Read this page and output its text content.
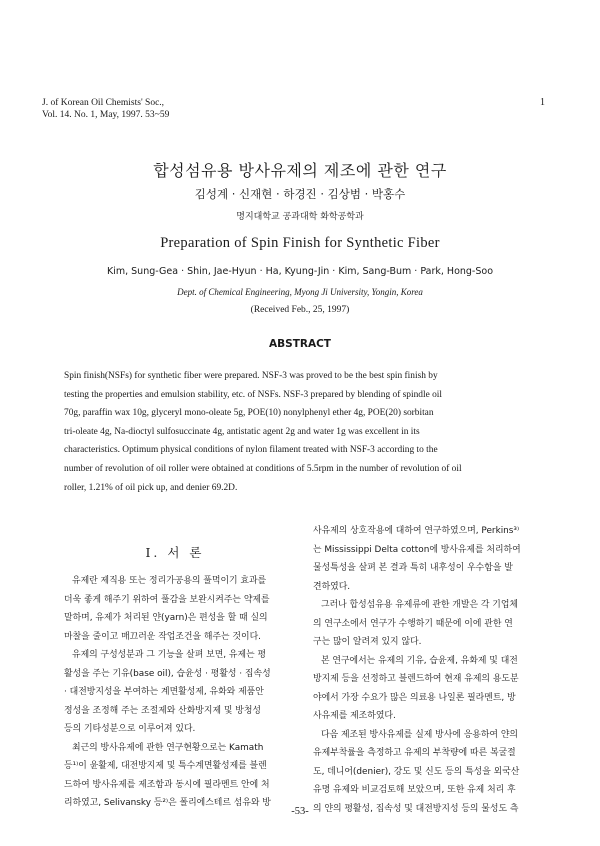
J. of Korean Oil Chemists' Soc.,
Vol. 14. No. 1, May, 1997. 53~59
1
합성섬유용 방사유제의 제조에 관한 연구
김성계 · 신재현 · 하경진 · 김상범 · 박홍수
명지대학교 공과대학 화학공학과
Preparation of Spin Finish for Synthetic Fiber
Kim, Sung-Gea · Shin, Jae-Hyun · Ha, Kyung-Jin · Kim, Sang-Bum · Park, Hong-Soo
Dept. of Chemical Engineering, Myong Ji University, Yongin, Korea
(Received Feb., 25, 1997)
ABSTRACT
Spin finish(NSFs) for synthetic fiber were prepared. NSF-3 was proved to be the best spin finish by
testing the properties and emulsion stability, etc. of NSFs. NSF-3 prepared by blending of spindle oil
70g, paraffin wax 10g, glyceryl mono-oleate 5g, POE(10) nonylphenyl ether 4g, POE(20) sorbitan
tri-oleate 4g, Na-dioctyl sulfosuccinate 4g, antistatic agent 2g and water 1g was excellent in its
characteristics. Optimum physical conditions of nylon filament treated with NSF-3 according to the
number of revolution of oil roller were obtained at conditions of 5.5rpm in the number of revolution of oil
roller, 1.21% of oil pick up, and denier 69.2D.
I. 서 론
유제란 제직용 또는 정리가공용의 풀먹이기 효과를
더욱 좋게 해주기 위하여 풀감을 보완시켜주는 약제를
말하며, 유제가 처리된 얀(yarn)은 편성을 할 때 실의
마찰을 줄이고 매끄러운 작업조건을 해주는 것이다.
유제의 구성성분과 그 기능을 살펴 보면, 유제는 평
활성을 주는 기유(base oil), 습윤성 · 평활성 · 집속성
· 대전방지성을 부여하는 계면활성제, 유화와 제품안
정성을 조정해 주는 조절제와 산화방지제 및 방청성
등의 기타성분으로 이루어져 있다.
최근의 방사유제에 관한 연구현황으로는 Kamath
등¹⁾이 윤활제, 대전방지제 및 특수계면활성제를 블렌
드하여 방사유제를 제조함과 동시에 필라멘트 안에 처
리하였고, Selivansky 등²⁾은 폴리에스테르 섬유와 방
사유제의 상호작용에 대하여 연구하였으며, Perkins³⁾
는 Mississippi Delta cotton에 방사유제를 처리하여
물성특성을 살펴 본 결과 특히 내후성이 우수함을 발
견하였다.
그러나 합성섬유용 유제류에 관한 개발은 각 기업체
의 연구소에서 연구가 수행하기 때문에 이에 관한 연
구는 많이 알려져 있지 않다.
본 연구에서는 유제의 기유, 습윤제, 유화제 및 대전
방지제 등을 선정하고 블렌드하여 현재 유제의 용도분
야에서 가장 수요가 많은 의료용 나일론 필라멘트, 방
사유제를 제조하였다.
다음 제조된 방사유제를 실제 방사에 응용하여 얀의
유제부착률을 측정하고 유제의 부착량에 따른 복굴절
도, 데니어(denier), 강도 및 신도 등의 특성을 외국산
유명 유제와 비교검토해 보았으며, 또한 유제 처리 후
의 얀의 평활성, 집속성 및 대전방지성 등의 물성도 측
-53-
